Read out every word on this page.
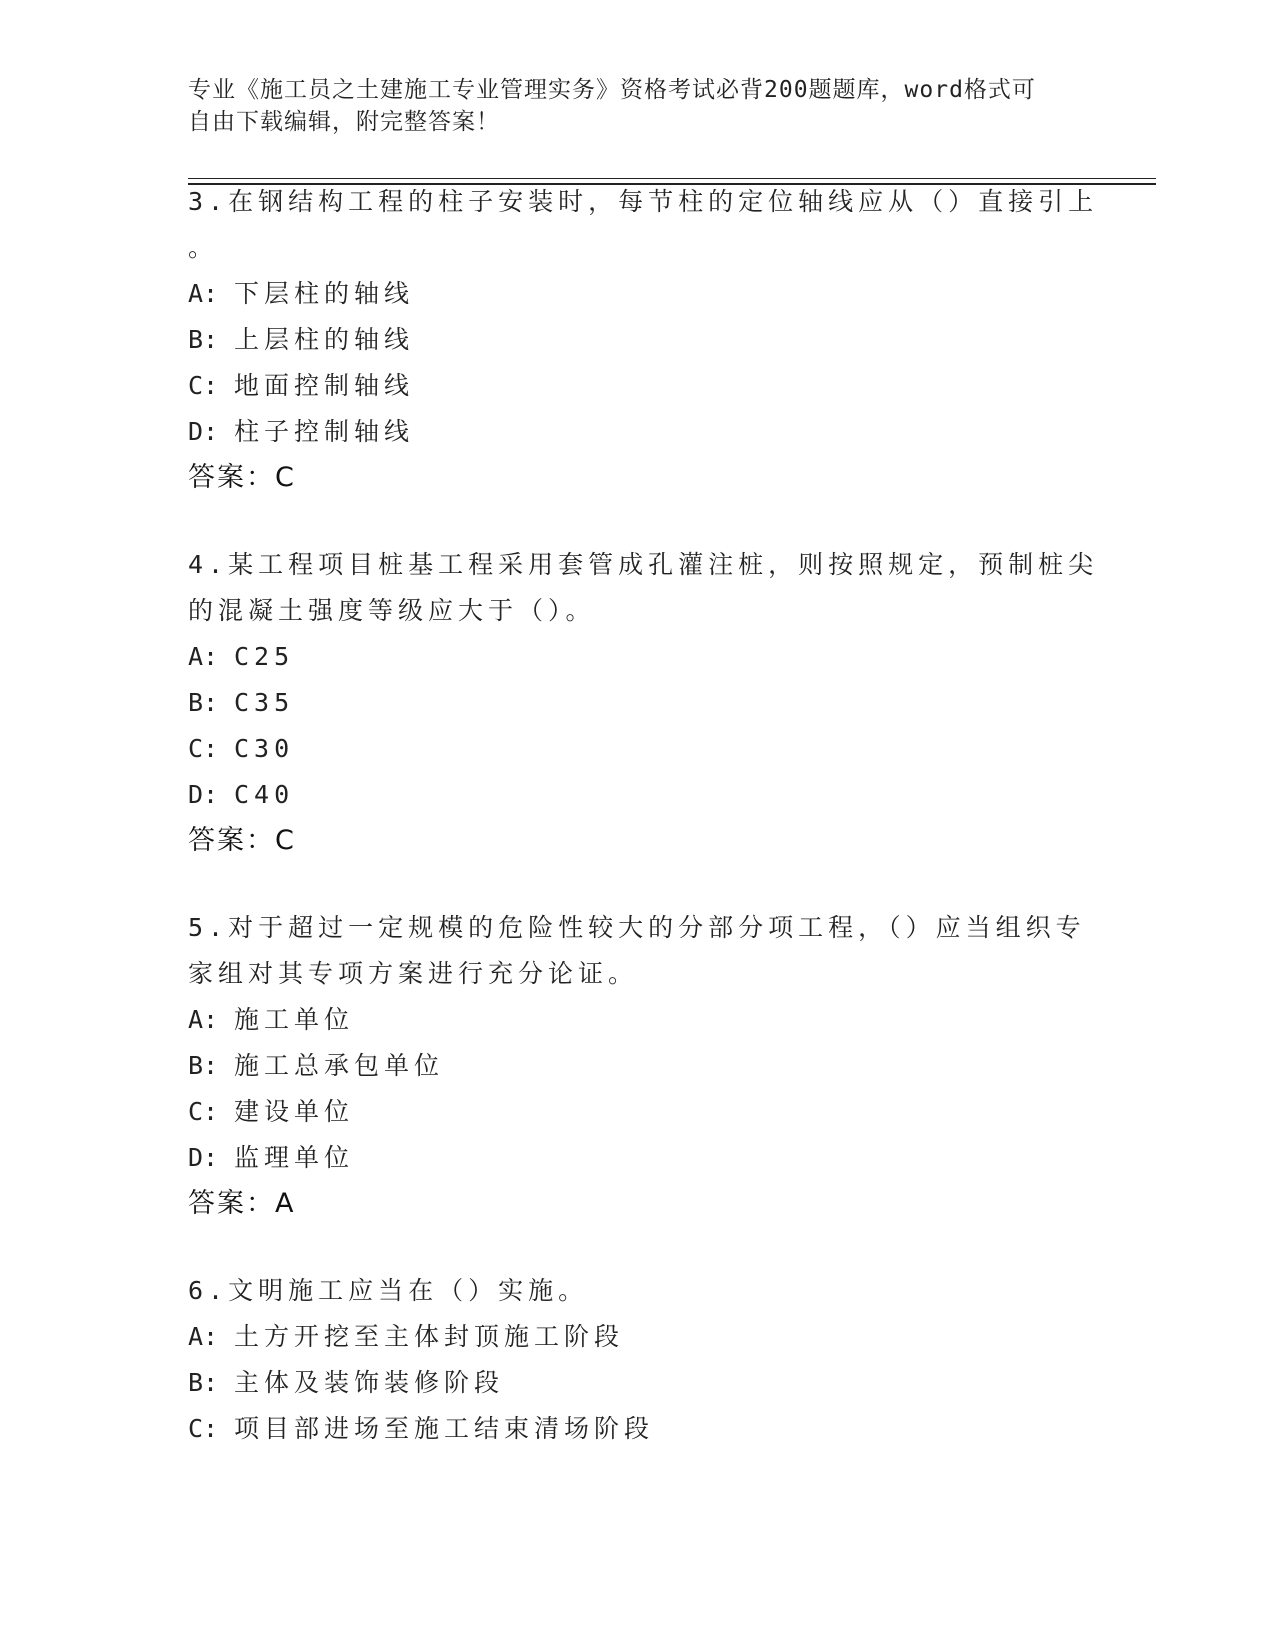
专业《施工员之土建施工专业管理实务》资格考试必背200题题库，word格式可
自由下载编辑，附完整答案！
3.在钢结构工程的柱子安装时，每节柱的定位轴线应从（）直接引上
。
A: 下层柱的轴线
B: 上层柱的轴线
C: 地面控制轴线
D: 柱子控制轴线
答案：C
4.某工程项目桩基工程采用套管成孔灌注桩，则按照规定，预制桩尖
的混凝土强度等级应大于（）。
A: C25
B: C35
C: C30
D: C40
答案：C
5.对于超过一定规模的危险性较大的分部分项工程，（）应当组织专
家组对其专项方案进行充分论证。
A: 施工单位
B: 施工总承包单位
C: 建设单位
D: 监理单位
答案：A
6.文明施工应当在（）实施。
A: 土方开挖至主体封顶施工阶段
B: 主体及装饰装修阶段
C: 项目部进场至施工结束清场阶段
